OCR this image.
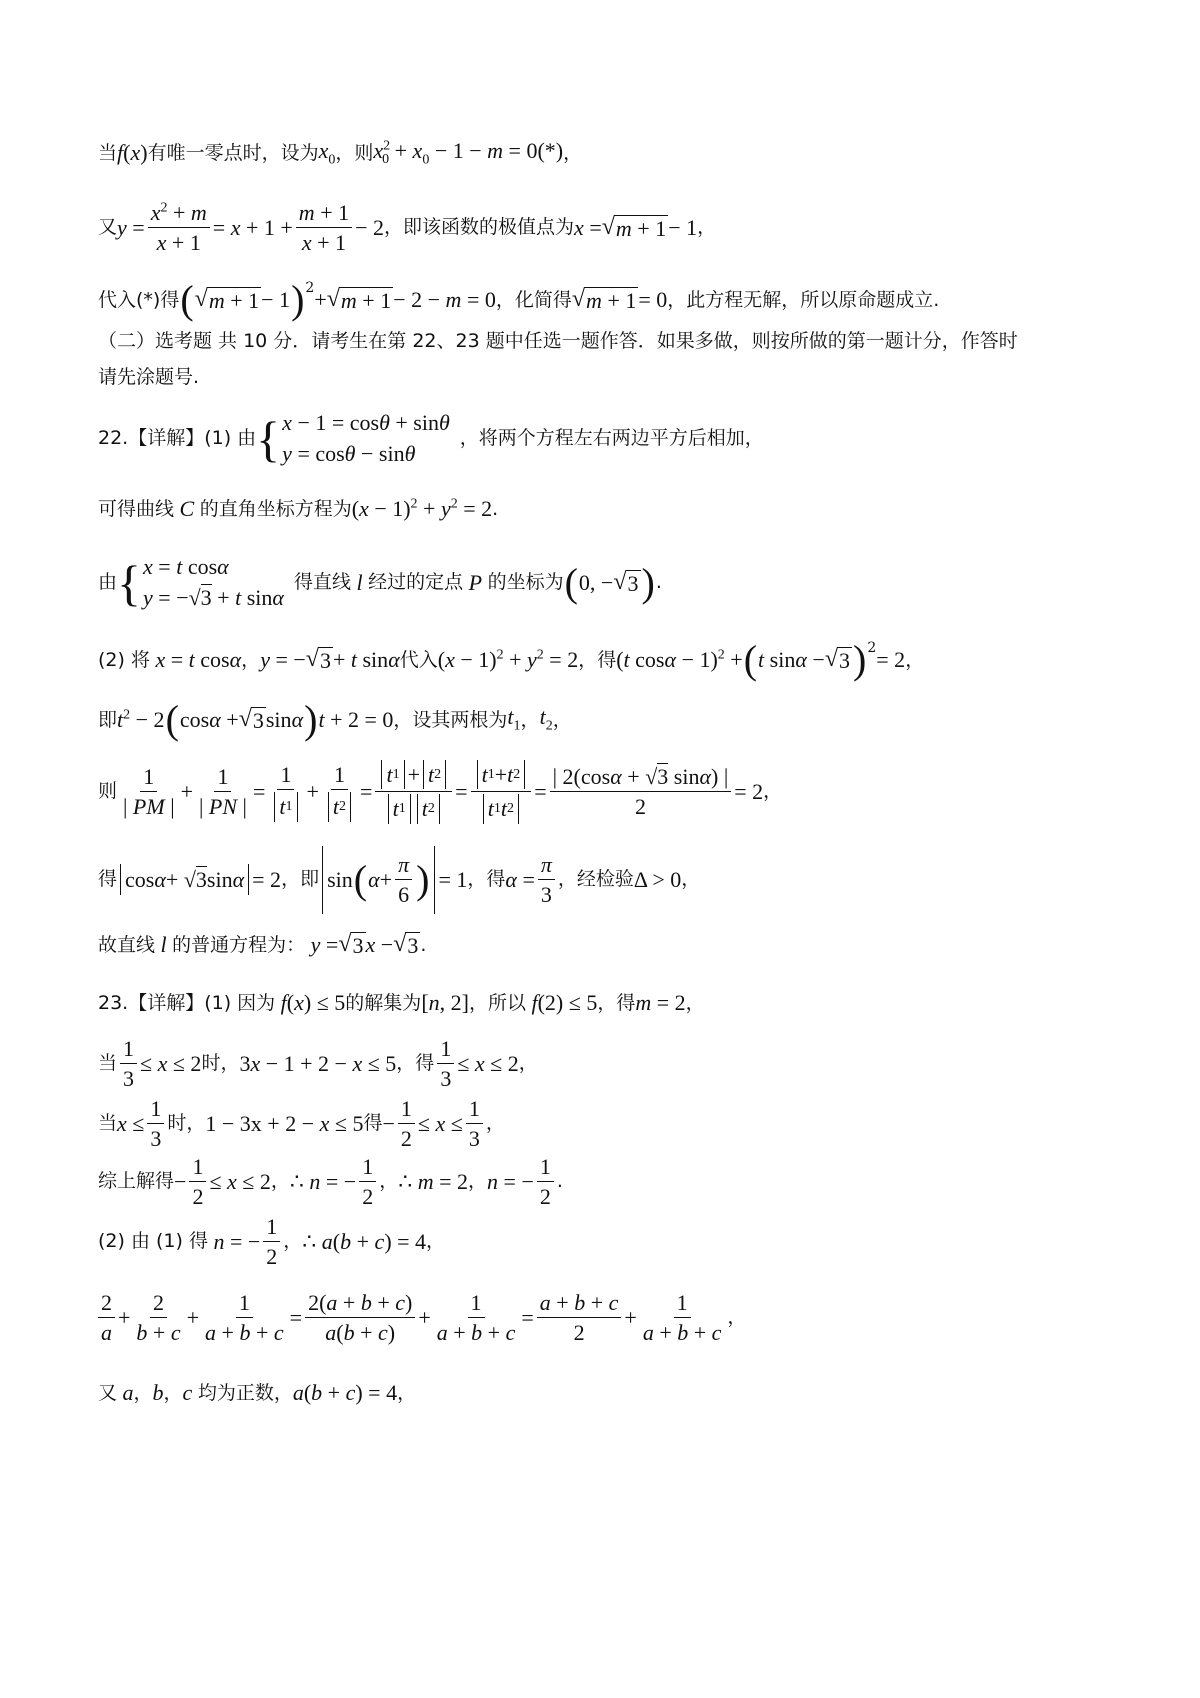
当 f(x) 有唯一零点时，设为 $x_0$ ，则 $x^2_0 + x_0 - 1 - m = 0(*)$ ，
又 $y = \frac{x^2 + m}{x + 1} = x + 1 + \frac{m + 1}{x + 1} - 2$ ，即该函数的极值点为 x = √ m + 1 − 1 ，
代入(*)得 ( √ m + 1 − 1 )$^2$ + √ m + 1 − 2 − m = 0 ，化简得 √ m + 1 = 0 ，此方程无解，所以原命题成立.
（二）选考题 共 10 分．请考生在第 22、23 题中任选一题作答．如果多做，则按所做的第一题计分，作答时
请先涂题号.
22.【详解】(1) 由 { x − 1 = cosθ + sinθ
y = cosθ − sinθ
，将两个方程左右两边平方后相加，
可得曲线 C 的直角坐标方程为 $(x - 1)^2 + y^2 = 2$ .
由 { x = t cosα
y = −√3 + t sinα
得直线 l 经过的定点 P 的坐标为 ( 0, − √ 3 ) .
(2) 将 x = t cosα ， y = − √ 3 + t sinα 代入 $(x - 1)^2 + y^2 = 2$ ，得 (t cosα − 1)$^2$ + ( t sinα − √ 3 )$^2$ = 2 ，
即 $t^2 - 2$ ( cosα + √ 3 sinα ) t + 2 = 0 ，设其两根为 $t_1$ ， $t_2$ ，
则 $\frac{1}{| PM |} + \frac{1}{| PN |} = \frac{1}{t 1} + \frac{1}{t 2} = \frac{t 1 + t 2}{t 1 t 2} = \frac{t 1 + t 2}{t 1 t 2} = \frac{| 2(\cos\alpha + √3 \sin\alpha) |}{2} = 2$ ，
得 cos α + √ 3 sin α = 2 ，即 sin ( $\alpha + \frac{\pi}{6}$ ) = 1 ，得 $\alpha = \frac{\pi}{3}$ ，经检验 Δ > 0 ，
故直线 l 的普通方程为： y = √ 3 x − √ 3 .
23.【详解】(1) 因为 f(x) ≤ 5 的解集为 [n, 2] ，所以 f(2) ≤ 5 ，得 m = 2 ，
当 $\frac{1}{3} \le x \le 2$ 时， 3x − 1 + 2 − x ≤ 5 ，得 $\frac{1}{3} \le x \le 2$ ，
当 $x \le \frac{1}{3}$ 时， 1 − 3x + 2 − x ≤ 5 得 − $\frac{1}{2} \le x \le \frac{1}{3}$ ，
综上解得 − $\frac{1}{2} \le x \le 2$ ， ∴ n = − $\frac{1}{2}$ ， ∴ m = 2 ， n = − $\frac{1}{2}$ .
(2) 由 (1) 得 n = − $\frac{1}{2}$ ， ∴ a(b + c) = 4 ，
$\frac{2}{a} + \frac{2}{b + c} + \frac{1}{a + b + c} = \frac{2(a + b + c)}{a(b + c)} + \frac{1}{a + b + c} = \frac{a + b + c}{2} + \frac{1}{a + b + c}$ ，
又 a ， b ， c 均为正数， a(b + c) = 4 ，
